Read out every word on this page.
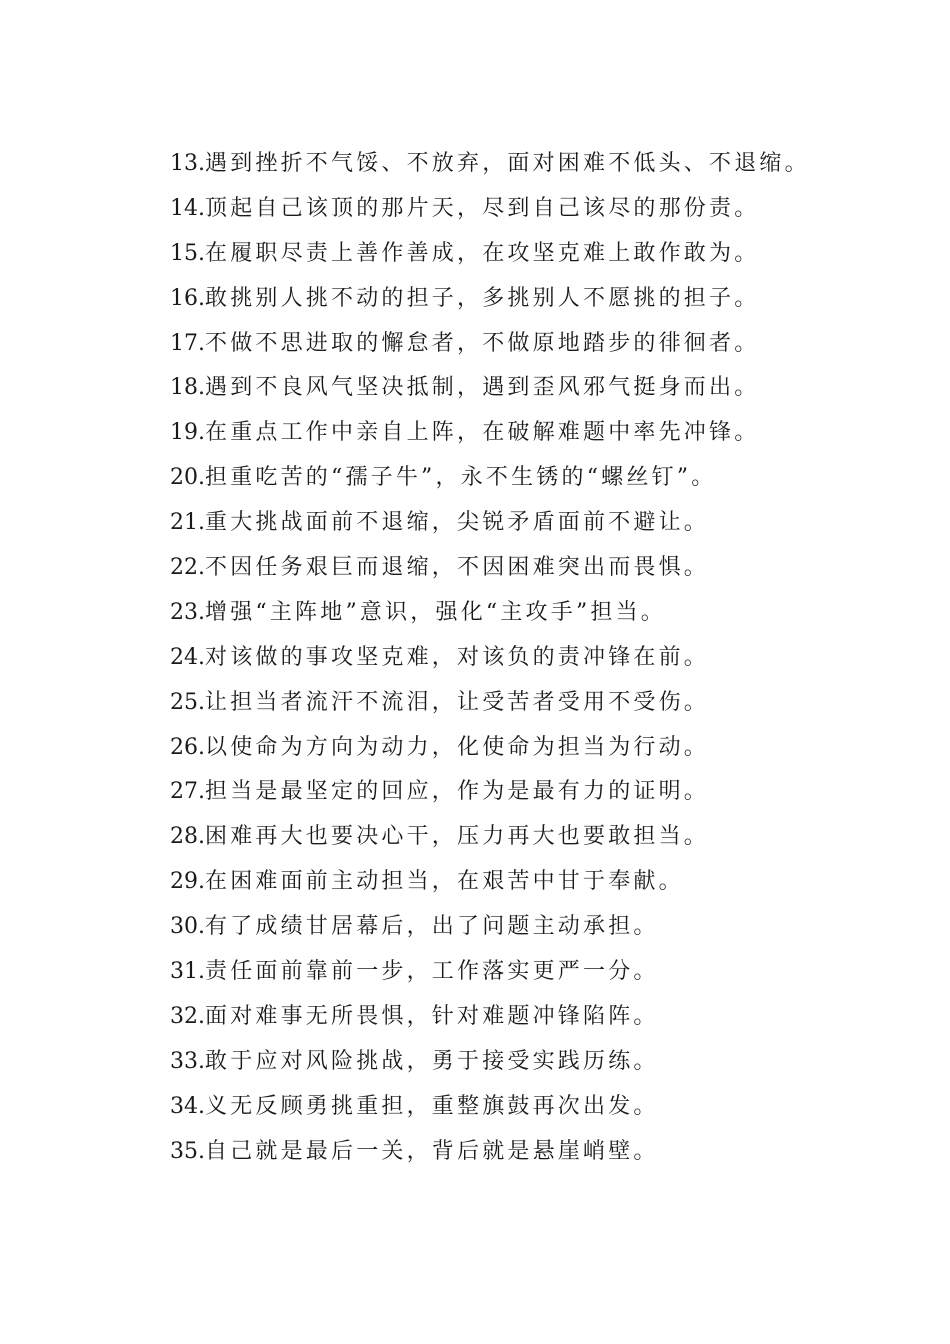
13.遇到挫折不气馁、不放弃，面对困难不低头、不退缩。
14.顶起自己该顶的那片天，尽到自己该尽的那份责。
15.在履职尽责上善作善成，在攻坚克难上敢作敢为。
16.敢挑别人挑不动的担子，多挑别人不愿挑的担子。
17.不做不思进取的懈怠者，不做原地踏步的徘徊者。
18.遇到不良风气坚决抵制，遇到歪风邪气挺身而出。
19.在重点工作中亲自上阵，在破解难题中率先冲锋。
20.担重吃苦的“孺子牛”，永不生锈的“螺丝钉”。
21.重大挑战面前不退缩，尖锐矛盾面前不避让。
22.不因任务艰巨而退缩，不因困难突出而畏惧。
23.增强“主阵地”意识，强化“主攻手”担当。
24.对该做的事攻坚克难，对该负的责冲锋在前。
25.让担当者流汗不流泪，让受苦者受用不受伤。
26.以使命为方向为动力，化使命为担当为行动。
27.担当是最坚定的回应，作为是最有力的证明。
28.困难再大也要决心干，压力再大也要敢担当。
29.在困难面前主动担当，在艰苦中甘于奉献。
30.有了成绩甘居幕后，出了问题主动承担。
31.责任面前靠前一步，工作落实更严一分。
32.面对难事无所畏惧，针对难题冲锋陷阵。
33.敢于应对风险挑战，勇于接受实践历练。
34.义无反顾勇挑重担，重整旗鼓再次出发。
35.自己就是最后一关，背后就是悬崖峭壁。
